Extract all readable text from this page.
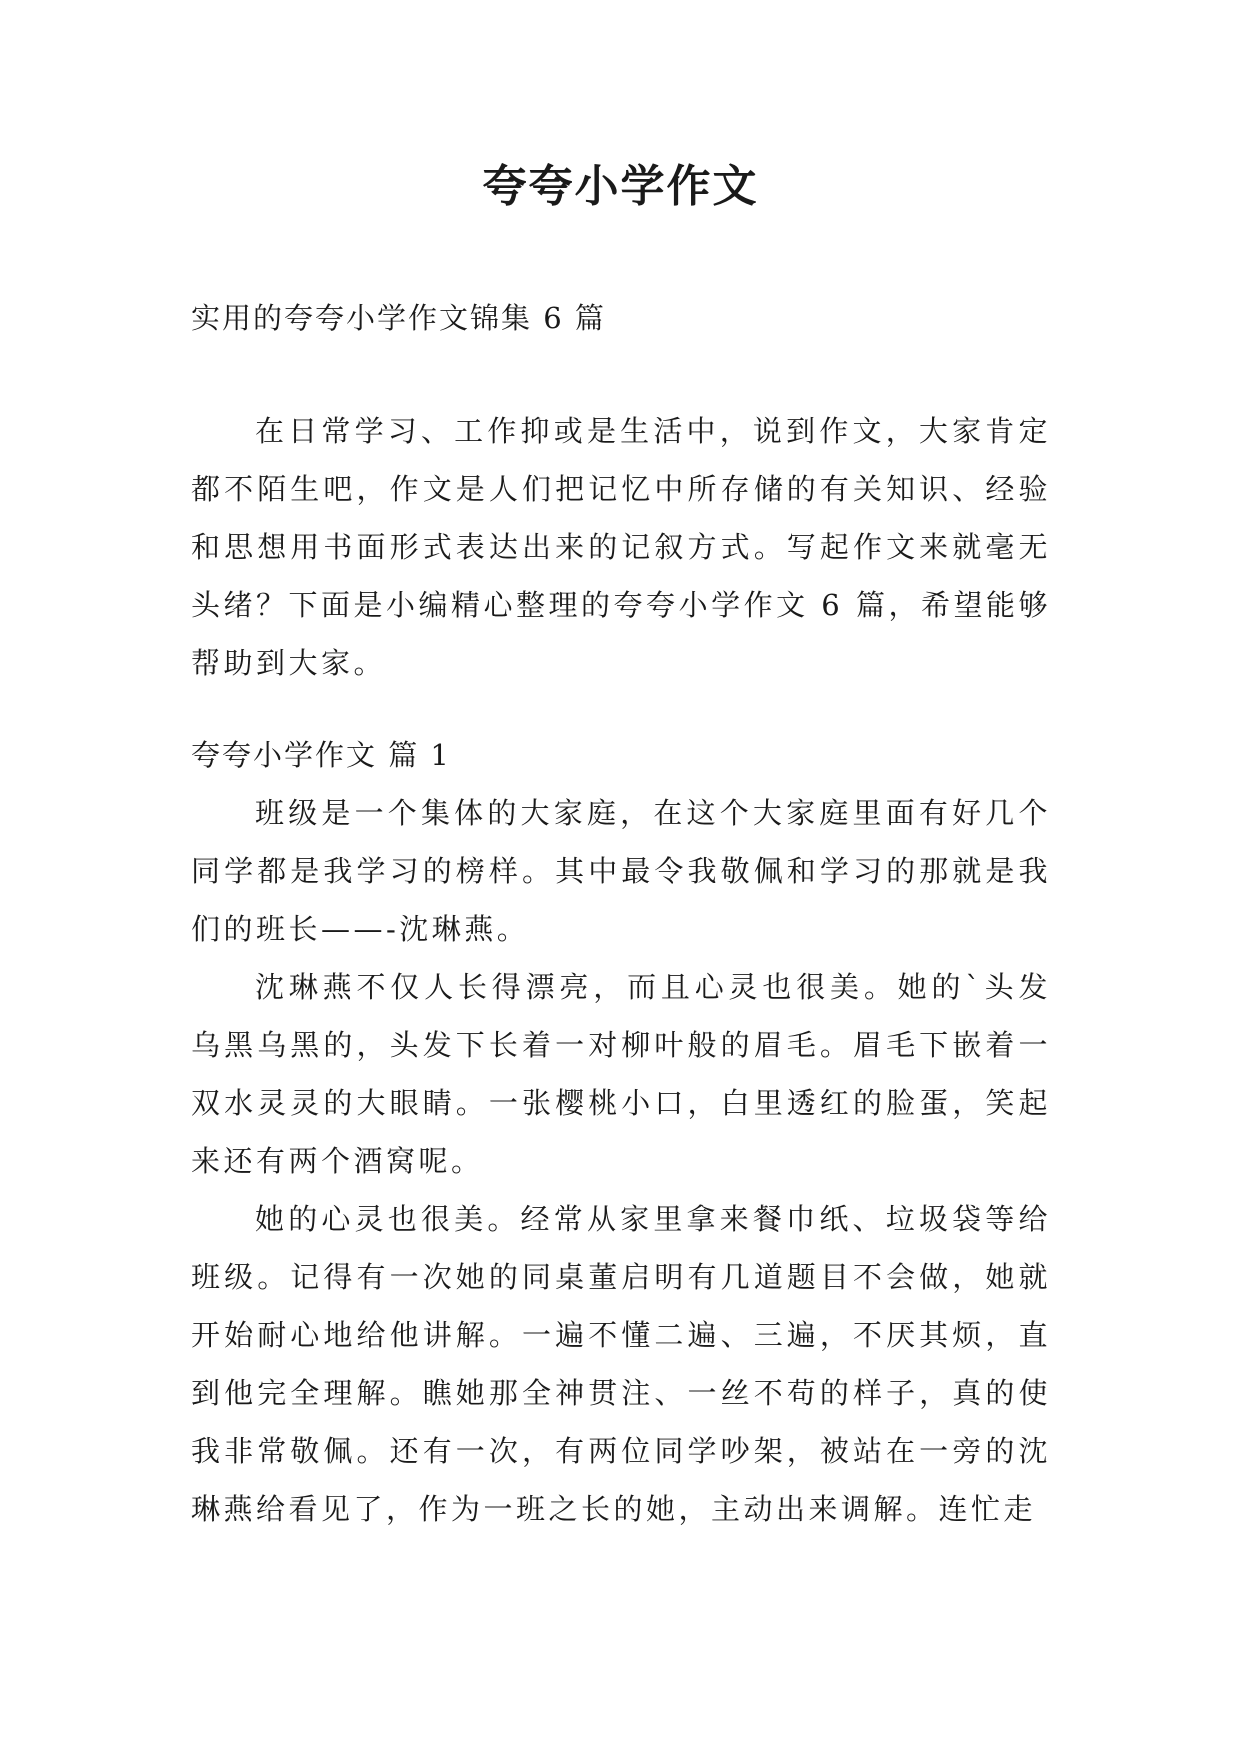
夸夸小学作文
实用的夸夸小学作文锦集 6 篇

在日常学习、工作抑或是生活中，说到作文，大家肯定都不陌生吧，作文是人们把记忆中所存储的有关知识、经验和思想用书面形式表达出来的记叙方式。写起作文来就毫无头绪？下面是小编精心整理的夸夸小学作文 6 篇，希望能够帮助到大家。

夸夸小学作文 篇 1

班级是一个集体的大家庭，在这个大家庭里面有好几个同学都是我学习的榜样。其中最令我敬佩和学习的那就是我们的班长——-沈琳燕。

沈琳燕不仅人长得漂亮，而且心灵也很美。她的`头发乌黑乌黑的，头发下长着一对柳叶般的眉毛。眉毛下嵌着一双水灵灵的大眼睛。一张樱桃小口，白里透红的脸蛋，笑起来还有两个酒窝呢。

她的心灵也很美。经常从家里拿来餐巾纸、垃圾袋等给班级。记得有一次她的同桌董启明有几道题目不会做，她就开始耐心地给他讲解。一遍不懂二遍、三遍，不厌其烦，直到他完全理解。瞧她那全神贯注、一丝不苟的样子，真的使我非常敬佩。还有一次，有两位同学吵架，被站在一旁的沈琳燕给看见了，作为一班之长的她，主动出来调解。连忙走
